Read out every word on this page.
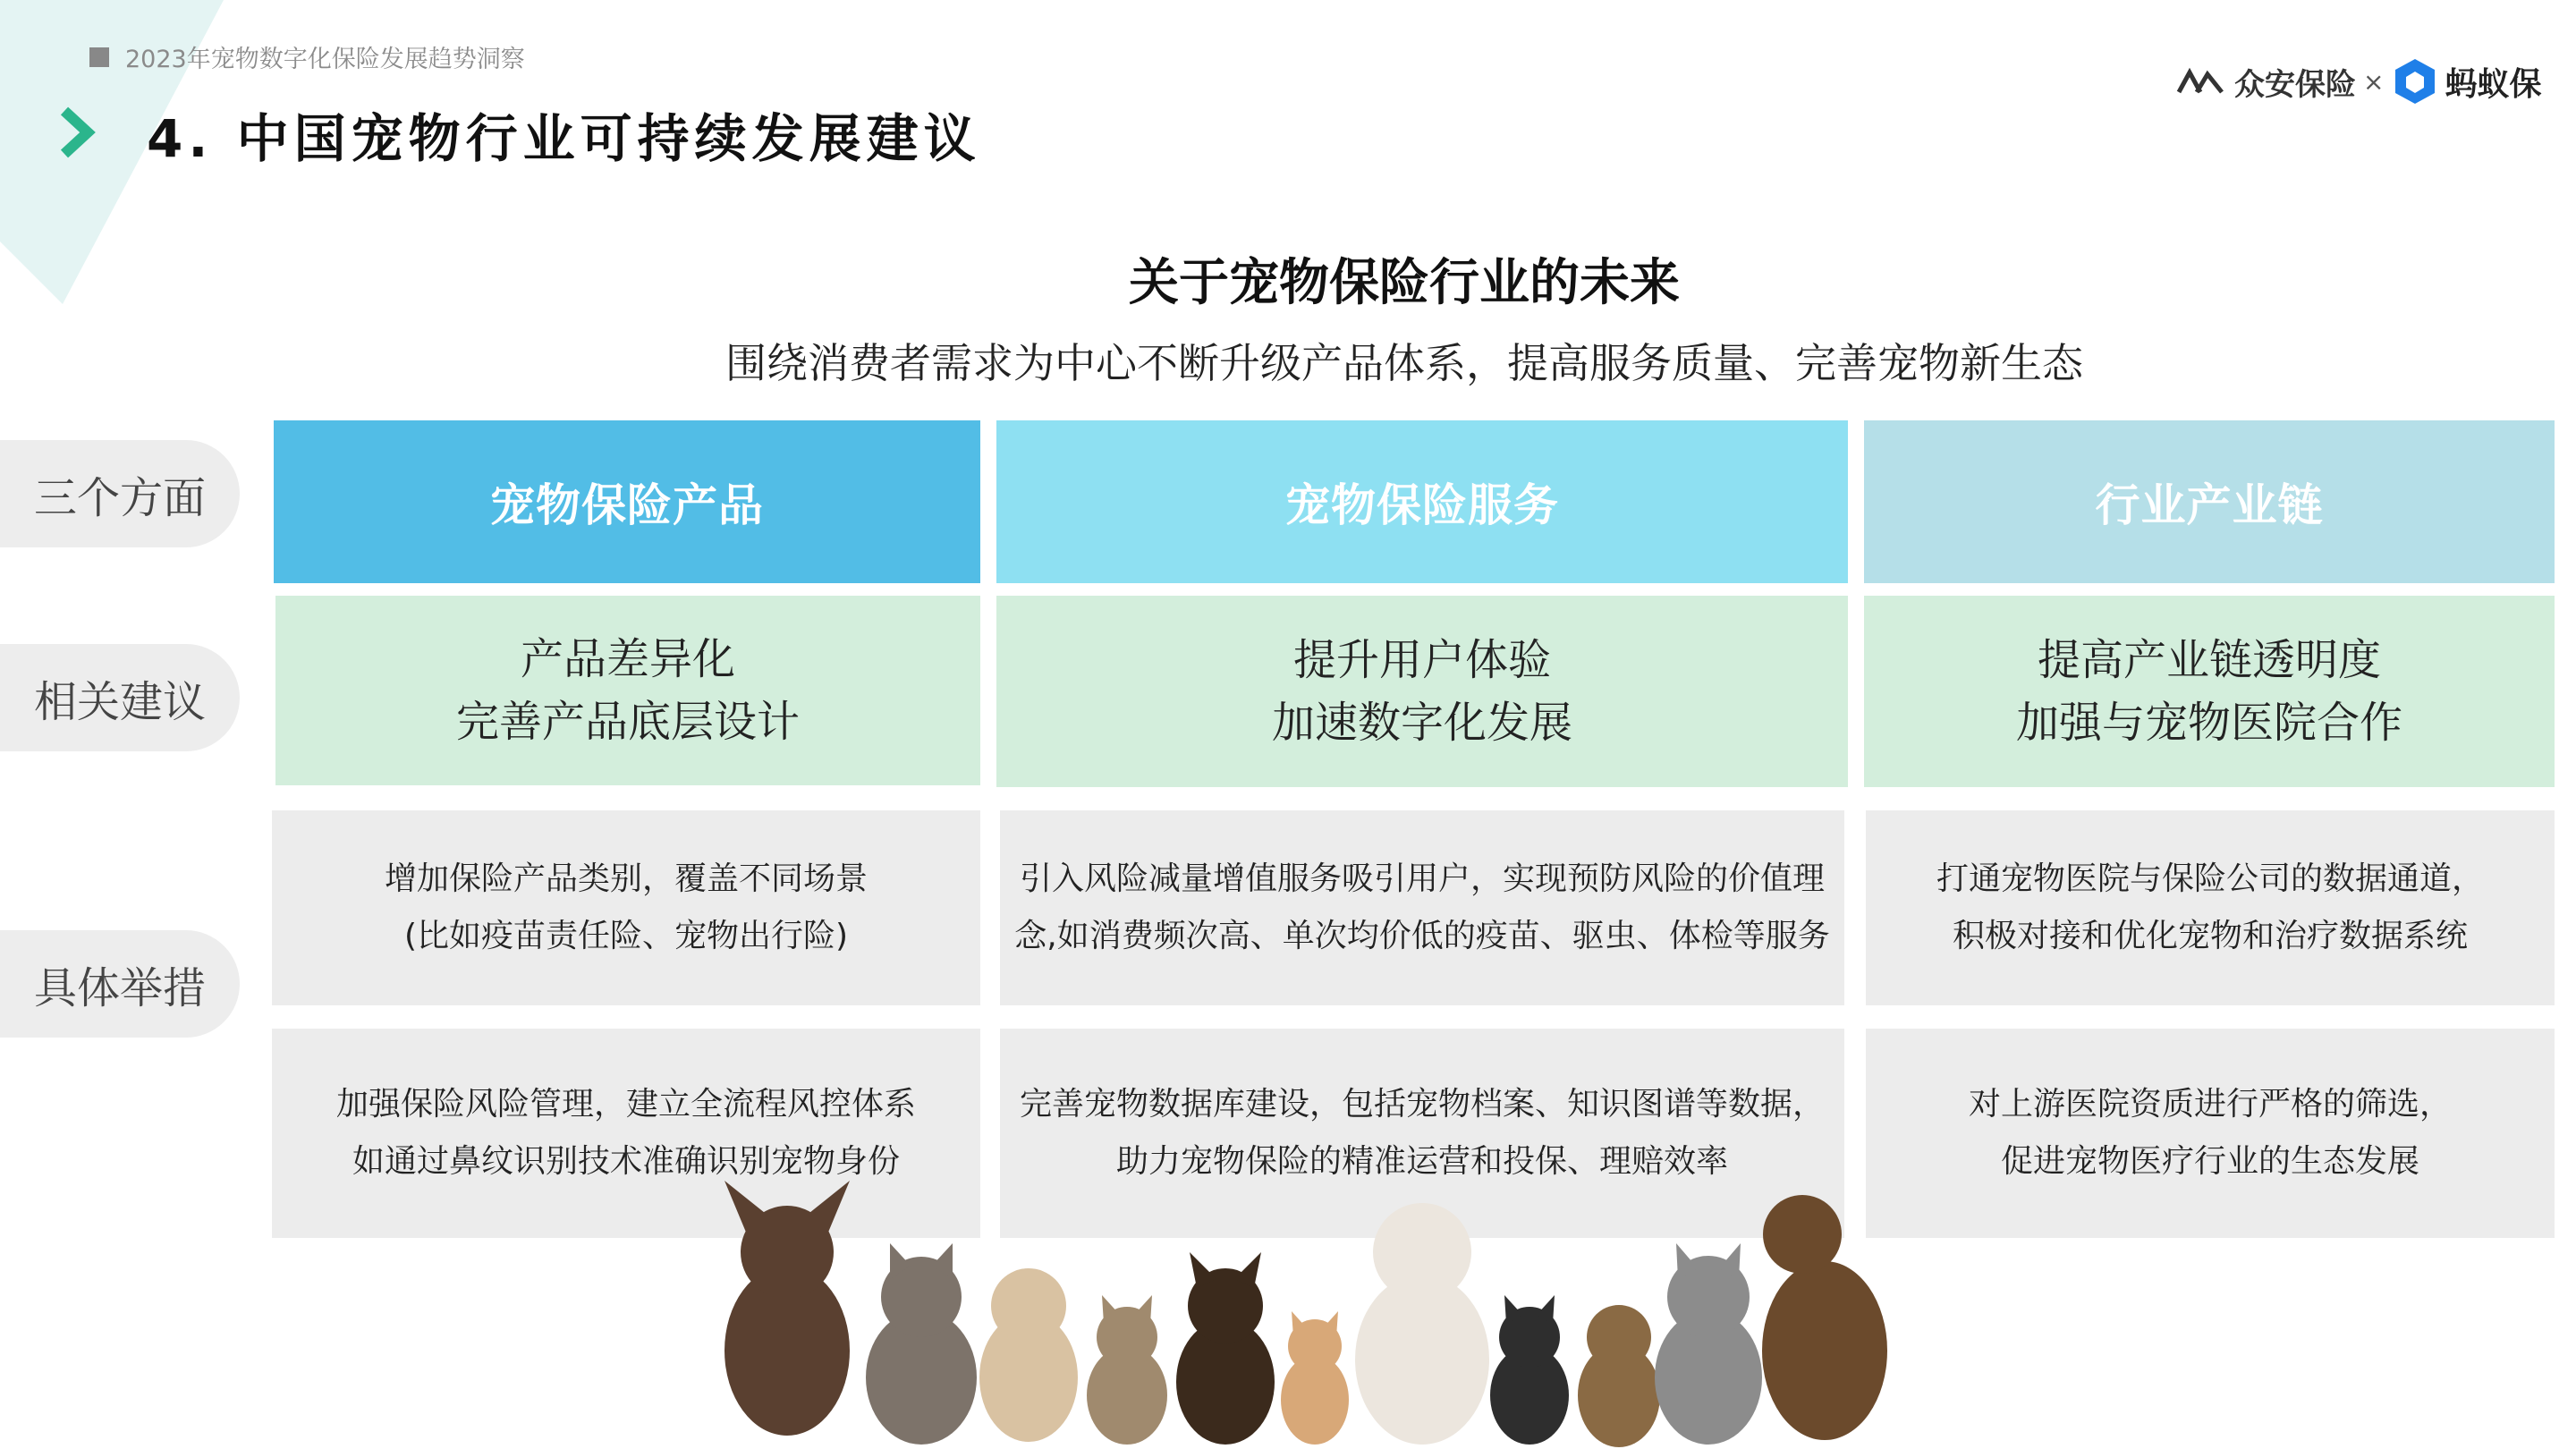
2023年宠物数字化保险发展趋势洞察
4. 中国宠物行业可持续发展建议
众安保险 × 蚂蚁保
关于宠物保险行业的未来
围绕消费者需求为中心不断升级产品体系，提高服务质量、完善宠物新生态
三个方面
相关建议
具体举措
宠物保险产品	宠物保险服务	行业产业链
产品差异化
完善产品底层设计
提升用户体验
加速数字化发展
提高产业链透明度
加强与宠物医院合作
增加保险产品类别，覆盖不同场景
(比如疫苗责任险、宠物出行险)
引入风险减量增值服务吸引用户，实现预防风险的价值理
念,如消费频次高、单次均价低的疫苗、驱虫、体检等服务
打通宠物医院与保险公司的数据通道，
积极对接和优化宠物和治疗数据系统
加强保险风险管理，建立全流程风控体系
如通过鼻纹识别技术准确识别宠物身份
完善宠物数据库建设，包括宠物档案、知识图谱等数据，
助力宠物保险的精准运营和投保、理赔效率
对上游医院资质进行严格的筛选，
促进宠物医疗行业的生态发展
